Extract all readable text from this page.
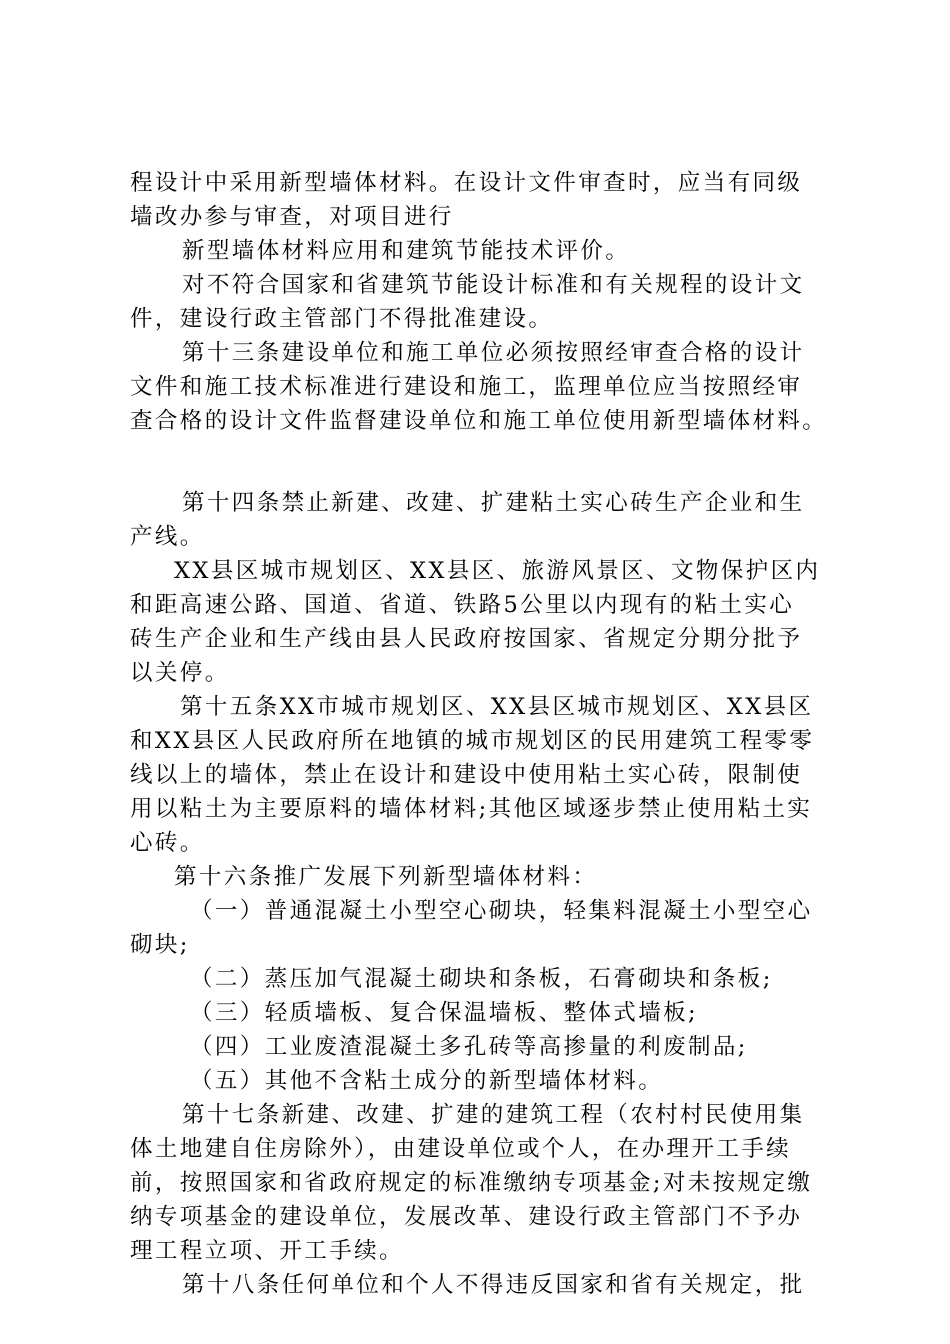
程设计中采用新型墙体材料。在设计文件审查时，应当有同级
墙改办参与审查，对项目进行
新型墙体材料应用和建筑节能技术评价。
对不符合国家和省建筑节能设计标准和有关规程的设计文
件，建设行政主管部门不得批准建设。
第十三条建设单位和施工单位必须按照经审查合格的设计
文件和施工技术标准进行建设和施工，监理单位应当按照经审
查合格的设计文件监督建设单位和施工单位使用新型墙体材料。
第十四条禁止新建、改建、扩建粘土实心砖生产企业和生
产线。
XX县区城市规划区、XX县区、旅游风景区、文物保护区内
和距高速公路、国道、省道、铁路5公里以内现有的粘土实心
砖生产企业和生产线由县人民政府按国家、省规定分期分批予
以关停。
第十五条XX市城市规划区、XX县区城市规划区、XX县区
和XX县区人民政府所在地镇的城市规划区的民用建筑工程零零
线以上的墙体，禁止在设计和建设中使用粘土实心砖，限制使
用以粘土为主要原料的墙体材料;其他区域逐步禁止使用粘土实
心砖。
第十六条推广发展下列新型墙体材料：
（一）普通混凝土小型空心砌块，轻集料混凝土小型空心
砌块;
（二）蒸压加气混凝土砌块和条板，石膏砌块和条板;
（三）轻质墙板、复合保温墙板、整体式墙板;
（四）工业废渣混凝土多孔砖等高掺量的利废制品;
（五）其他不含粘土成分的新型墙体材料。
第十七条新建、改建、扩建的建筑工程（农村村民使用集
体土地建自住房除外），由建设单位或个人，在办理开工手续
前，按照国家和省政府规定的标准缴纳专项基金;对未按规定缴
纳专项基金的建设单位，发展改革、建设行政主管部门不予办
理工程立项、开工手续。
第十八条任何单位和个人不得违反国家和省有关规定，批
